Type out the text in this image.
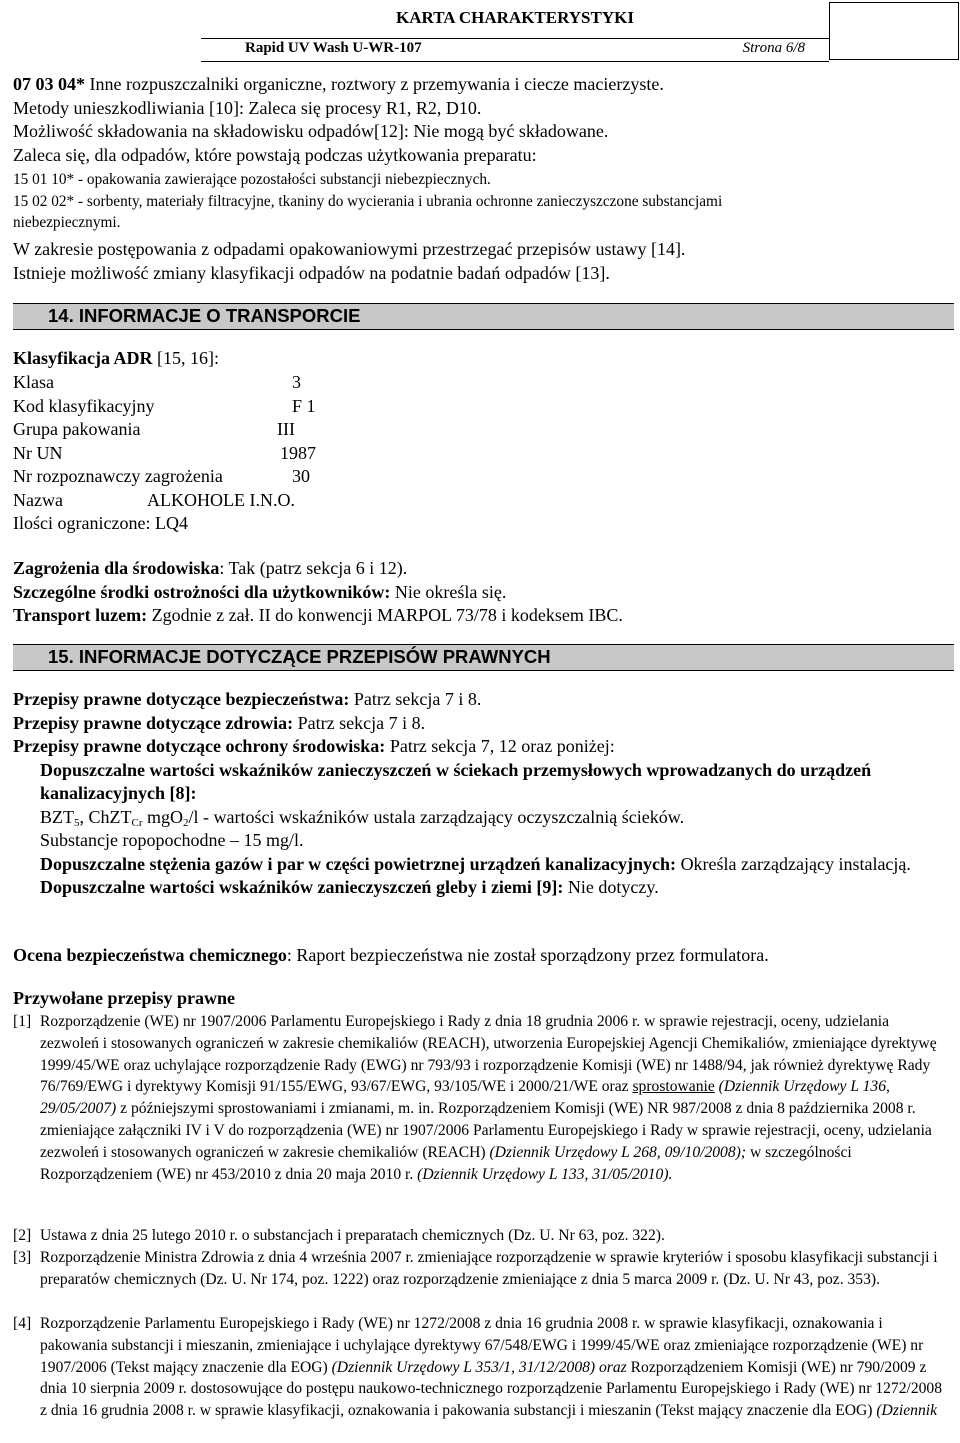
KARTA CHARAKTERYSTYKI
Rapid UV Wash U-WR-107	Strona 6/8
07 03 04* Inne rozpuszczalniki organiczne, roztwory z przemywania i ciecze macierzyste.
Metody unieszkodliwiania [10]: Zaleca się procesy R1, R2, D10.
Możliwość składowania na składowisku odpadów[12]: Nie mogą być składowane.
Zaleca się, dla odpadów, które powstają podczas użytkowania preparatu:
15 01 10* - opakowania zawierające pozostałości substancji niebezpiecznych.
15 02 02* - sorbenty, materiały filtracyjne, tkaniny do wycierania i ubrania ochronne zanieczyszczone substancjami
niebezpiecznymi.
W zakresie postępowania z odpadami opakowaniowymi przestrzegać przepisów ustawy [14].
Istnieje możliwość zmiany klasyfikacji odpadów na podatnie badań odpadów [13].
14. INFORMACJE O TRANSPORCIE
Klasyfikacja ADR [15, 16]:
Klasa	3
Kod klasyfikacyjny	F 1
Grupa pakowania	III
Nr UN	1987
Nr rozpoznawczy zagrożenia	30
Nazwa	ALKOHOLE I.N.O.
Ilości ograniczone: LQ4
Zagrożenia dla środowiska: Tak (patrz sekcja 6 i 12).
Szczególne środki ostrożności dla użytkowników: Nie określa się.
Transport luzem: Zgodnie z zał. II do konwencji MARPOL 73/78 i kodeksem IBC.
15. INFORMACJE DOTYCZĄCE PRZEPISÓW PRAWNYCH
Przepisy prawne dotyczące bezpieczeństwa: Patrz sekcja 7 i 8.
Przepisy prawne dotyczące zdrowia: Patrz sekcja 7 i 8.
Przepisy prawne dotyczące ochrony środowiska: Patrz sekcja 7, 12 oraz poniżej:
Dopuszczalne wartości wskaźników zanieczyszczeń w ściekach przemysłowych wprowadzanych do urządzeń kanalizacyjnych [8]:
$BZT_5$, ChZT$_{Cr}$ mgO$_2$/l - wartości wskaźników ustala zarządzający oczyszczalnią ścieków.
Substancje ropopochodne – 15 mg/l.
Dopuszczalne stężenia gazów i par w części powietrznej urządzeń kanalizacyjnych: Określa zarządzający instalacją.
Dopuszczalne wartości wskaźników zanieczyszczeń gleby i ziemi [9]: Nie dotyczy.
Ocena bezpieczeństwa chemicznego: Raport bezpieczeństwa nie został sporządzony przez formulatora.
Przywołane przepisy prawne
[1] Rozporządzenie (WE) nr 1907/2006 Parlamentu Europejskiego i Rady z dnia 18 grudnia 2006 r. w sprawie rejestracji, oceny, udzielania zezwoleń i stosowanych ograniczeń w zakresie chemikaliów (REACH), utworzenia Europejskiej Agencji Chemikaliów, zmieniające dyrektywę 1999/45/WE oraz uchylające rozporządzenie Rady (EWG) nr 793/93 i rozporządzenie Komisji (WE) nr 1488/94, jak również dyrektywę Rady 76/769/EWG i dyrektywy Komisji 91/155/EWG, 93/67/EWG, 93/105/WE i 2000/21/WE oraz sprostowanie (Dziennik Urzędowy L 136, 29/05/2007) z późniejszymi sprostowaniami i zmianami, m. in. Rozporządzeniem Komisji (WE) NR 987/2008 z dnia 8 października 2008 r. zmieniające załączniki IV i V do rozporządzenia (WE) nr 1907/2006 Parlamentu Europejskiego i Rady w sprawie rejestracji, oceny, udzielania zezwoleń i stosowanych ograniczeń w zakresie chemikaliów (REACH) (Dziennik Urzędowy L 268, 09/10/2008); w szczególności Rozporządzeniem (WE) nr 453/2010 z dnia 20 maja 2010 r. (Dziennik Urzędowy L 133, 31/05/2010).
[2] Ustawa z dnia 25 lutego 2010 r. o substancjach i preparatach chemicznych (Dz. U. Nr 63, poz. 322).
[3] Rozporządzenie Ministra Zdrowia z dnia 4 września 2007 r. zmieniające rozporządzenie w sprawie kryteriów i sposobu klasyfikacji substancji i preparatów chemicznych (Dz. U. Nr 174, poz. 1222) oraz rozporządzenie zmieniające z dnia 5 marca 2009 r. (Dz. U. Nr 43, poz. 353).
[4] Rozporządzenie Parlamentu Europejskiego i Rady (WE) nr 1272/2008 z dnia 16 grudnia 2008 r. w sprawie klasyfikacji, oznakowania i pakowania substancji i mieszanin, zmieniające i uchylające dyrektywy 67/548/EWG i 1999/45/WE oraz zmieniające rozporządzenie (WE) nr 1907/2006 (Tekst mający znaczenie dla EOG) (Dziennik Urzędowy L 353/1, 31/12/2008) oraz Rozporządzeniem Komisji (WE) nr 790/2009 z dnia 10 sierpnia 2009 r. dostosowujące do postępu naukowo-technicznego rozporządzenie Parlamentu Europejskiego i Rady (WE) nr 1272/2008 z dnia 16 grudnia 2008 r. w sprawie klasyfikacji, oznakowania i pakowania substancji i mieszanin (Tekst mający znaczenie dla EOG) (Dziennik
